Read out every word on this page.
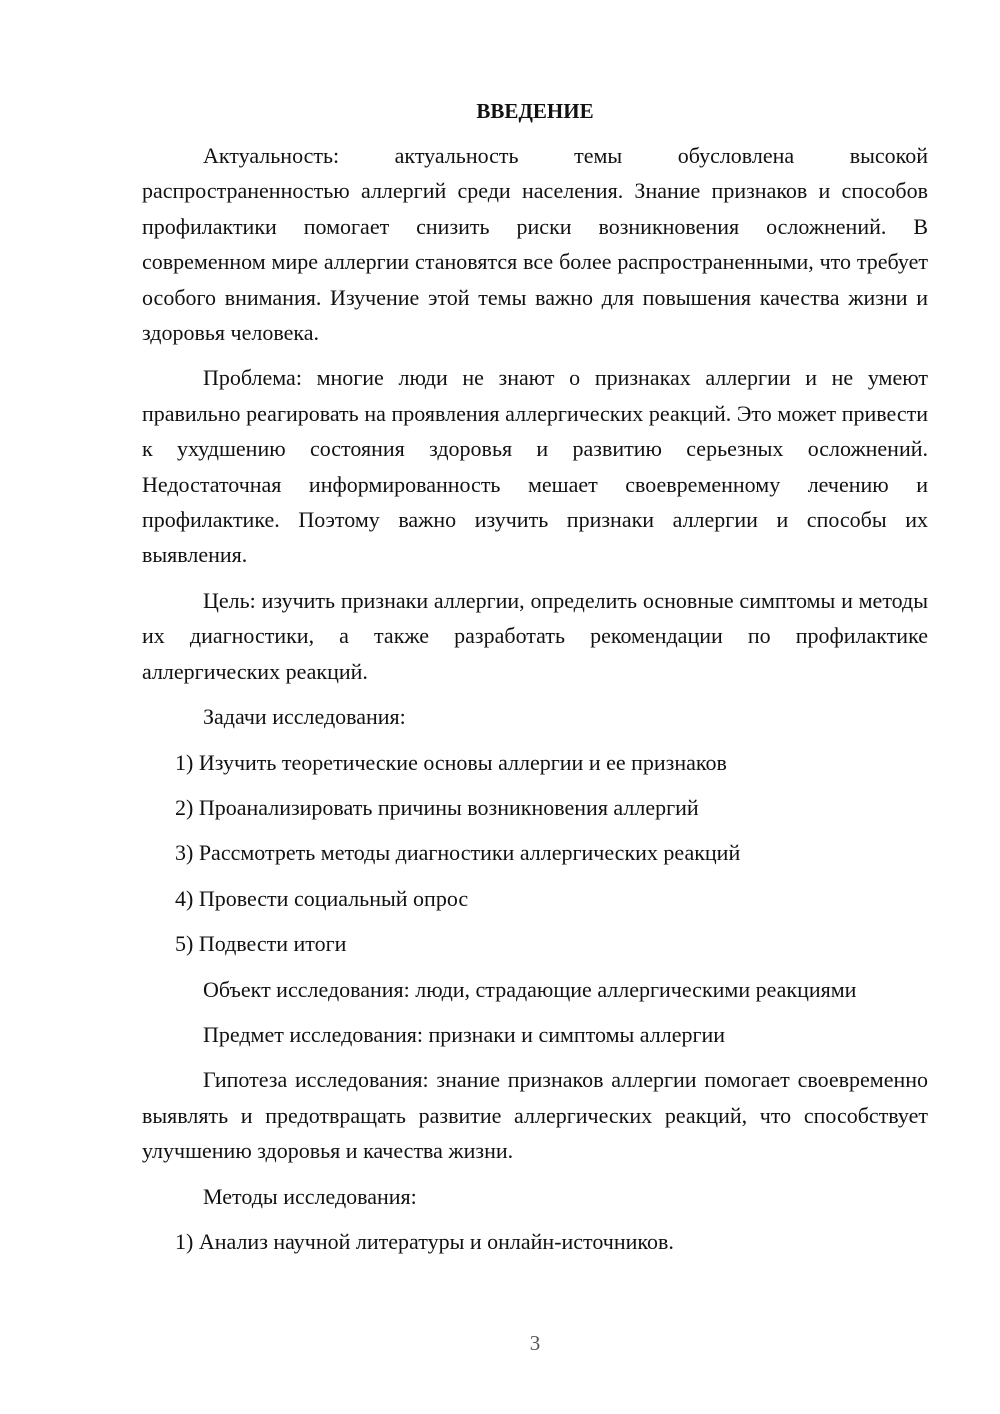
ВВЕДЕНИЕ

Актуальность: актуальность темы обусловлена высокой распространенностью аллергий среди населения. Знание признаков и способов профилактики помогает снизить риски возникновения осложнений. В современном мире аллергии становятся все более распространенными, что требует особого внимания. Изучение этой темы важно для повышения качества жизни и здоровья человека.

Проблема: многие люди не знают о признаках аллергии и не умеют правильно реагировать на проявления аллергических реакций. Это может привести к ухудшению состояния здоровья и развитию серьезных осложнений. Недостаточная информированность мешает своевременному лечению и профилактике. Поэтому важно изучить признаки аллергии и способы их выявления.

Цель: изучить признаки аллергии, определить основные симптомы и методы их диагностики, а также разработать рекомендации по профилактике аллергических реакций.

Задачи исследования:

1) Изучить теоретические основы аллергии и ее признаков

2) Проанализировать причины возникновения аллергий

3) Рассмотреть методы диагностики аллергических реакций

4) Провести социальный опрос

5) Подвести итоги

Объект исследования: люди, страдающие аллергическими реакциями

Предмет исследования: признаки и симптомы аллергии

Гипотеза исследования: знание признаков аллергии помогает своевременно выявлять и предотвращать развитие аллергических реакций, что способствует улучшению здоровья и качества жизни.

Методы исследования:

1) Анализ научной литературы и онлайн-источников.

3
